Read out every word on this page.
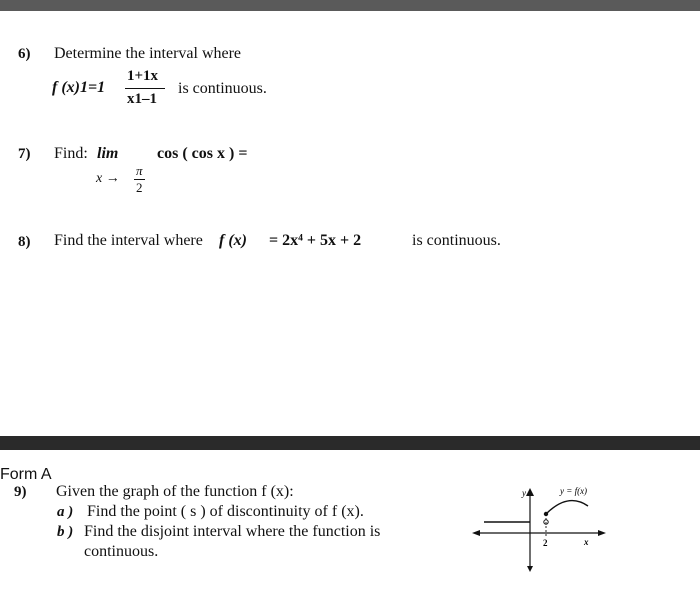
6) Determine the interval where
f (x)1=1
1+1x
x1–1
is continuous.
7) Find: lim cos ( cos x ) =
x →
π
2
8) Find the interval where f (x) = 2x⁴ + 5x + 2	is continuous.
Form A
9) Given the graph of the function f (x):
a ) Find the point ( s ) of discontinuity of f (x).
b ) Find the disjoint interval where the function is
continuous.
y	y = f(x)
2	x
